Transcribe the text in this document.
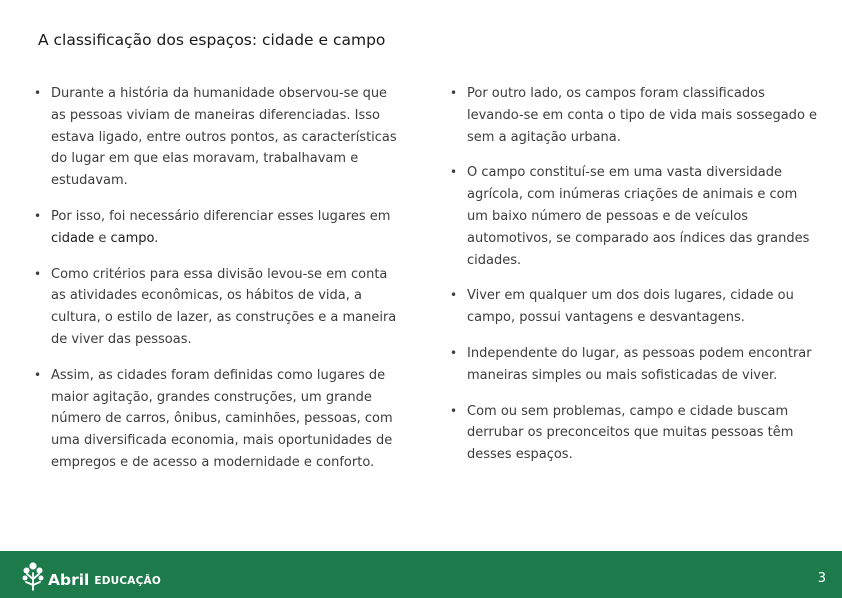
A classificação dos espaços: cidade e campo
• Durante a história da humanidade observou-se que as pessoas viviam de maneiras diferenciadas. Isso estava ligado, entre outros pontos, as características do lugar em que elas moravam, trabalhavam e estudavam.
• Por isso, foi necessário diferenciar esses lugares em cidade e campo.
• Como critérios para essa divisão levou-se em conta as atividades econômicas, os hábitos de vida, a cultura, o estilo de lazer, as construções e a maneira de viver das pessoas.
• Assim, as cidades foram definidas como lugares de maior agitação, grandes construções, um grande número de carros, ônibus, caminhões, pessoas, com uma diversificada economia, mais oportunidades de empregos e de acesso a modernidade e conforto.
• Por outro lado, os campos foram classificados levando-se em conta o tipo de vida mais sossegado e sem a agitação urbana.
• O campo constituí-se em uma vasta diversidade agrícola, com inúmeras criações de animais e com um baixo número de pessoas e de veículos automotivos, se comparado aos índices das grandes cidades.
• Viver em qualquer um dos dois lugares, cidade ou campo, possui vantagens e desvantagens.
• Independente do lugar, as pessoas podem encontrar maneiras simples ou mais sofisticadas de viver.
• Com ou sem problemas, campo e cidade buscam derrubar os preconceitos que muitas pessoas têm desses espaços.
Abril EDUCAÇÃO	3
